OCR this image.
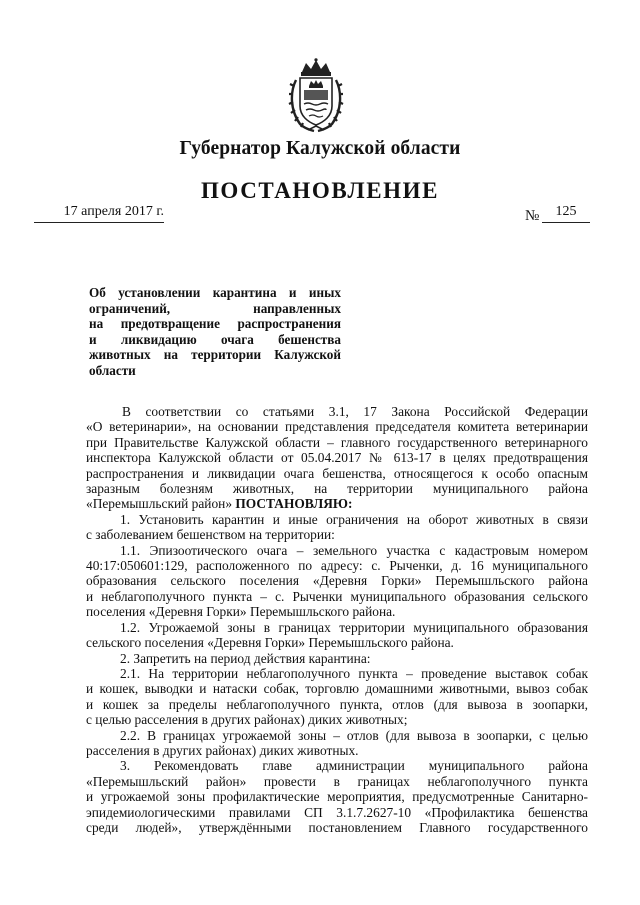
Губернатор Калужской области
ПОСТАНОВЛЕНИЕ
17 апреля 2017 г.	№	125
Об установлении карантина и иных
ограничений, направленных
на предотвращение распространения
и ликвидацию очага бешенства
животных на территории Калужской
области
В соответствии со статьями 3.1, 17 Закона Российской Федерации
«О ветеринарии», на основании представления председателя комитета ветеринарии
при Правительстве Калужской области – главного государственного ветеринарного
инспектора Калужской области от 05.04.2017 № 613-17 в целях предотвращения
распространения и ликвидации очага бешенства, относящегося к особо опасным
заразным болезням животных, на территории муниципального района
«Перемышльский район» ПОСТАНОВЛЯЮ:
1. Установить карантин и иные ограничения на оборот животных в связи
с заболеванием бешенством на территории:
1.1. Эпизоотического очага – земельного участка с кадастровым номером
40:17:050601:129, расположенного по адресу: с. Рыченки, д. 16 муниципального
образования сельского поселения «Деревня Горки» Перемышльского района
и неблагополучного пункта – с. Рыченки муниципального образования сельского
поселения «Деревня Горки» Перемышльского района.
1.2. Угрожаемой зоны в границах территории муниципального образования
сельского поселения «Деревня Горки» Перемышльского района.
2. Запретить на период действия карантина:
2.1. На территории неблагополучного пункта – проведение выставок собак
и кошек, выводки и натаски собак, торговлю домашними животными, вывоз собак
и кошек за пределы неблагополучного пункта, отлов (для вывоза в зоопарки,
с целью расселения в других районах) диких животных;
2.2. В границах угрожаемой зоны – отлов (для вывоза в зоопарки, с целью
расселения в других районах) диких животных.
3. Рекомендовать главе администрации муниципального района
«Перемышльский район» провести в границах неблагополучного пункта
и угрожаемой зоны профилактические мероприятия, предусмотренные Санитарно-
эпидемиологическими правилами СП 3.1.7.2627-10 «Профилактика бешенства
среди людей», утверждёнными постановлением Главного государственного
